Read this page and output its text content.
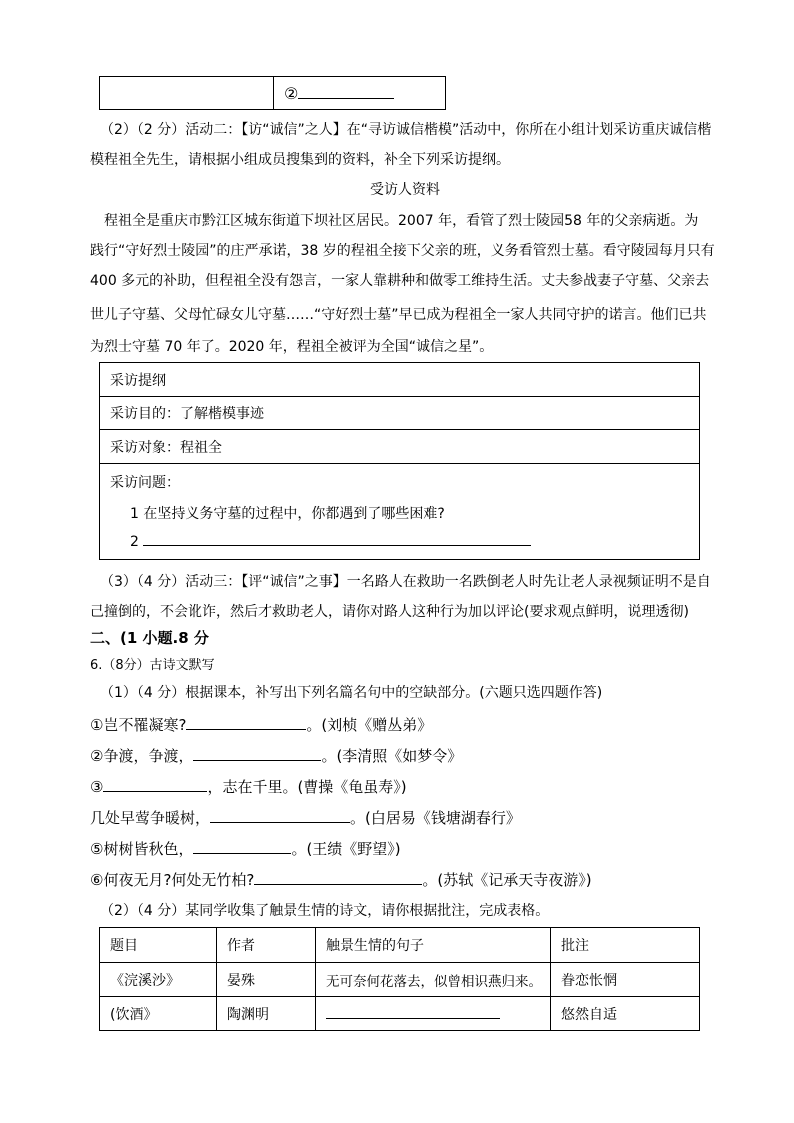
	②
（2）（2 分）活动二：【访“诚信”之人】在“寻访诚信楷模”活动中，你所在小组计划采访重庆诚信楷
模程祖全先生，请根据小组成员搜集到的资料，补全下列采访提纲。
受访人资料
程祖全是重庆市黔江区城东街道下坝社区居民。2007 年，看管了烈士陵园58 年的父亲病逝。为
践行“守好烈士陵园”的庄严承诺，38 岁的程祖全接下父亲的班，义务看管烈士墓。看守陵园每月只有
400 多元的补助，但程祖全没有怨言，一家人靠耕种和做零工维持生活。丈夫参战妻子守墓、父亲去
世儿子守墓、父母忙碌女儿守墓……“守好烈士墓”早已成为程祖全一家人共同守护的诺言。他们已共
为烈士守墓 70 年了。2020 年，程祖全被评为全国“诚信之星”。
采访提纲
采访目的：了解楷模事迹
采访对象：程祖全

采访问题：
1 在坚持义务守墓的过程中，你都遇到了哪些困难?
2
（3）（4 分）活动三：【评“诚信”之事】一名路人在救助一名跌倒老人时先让老人录视频证明不是自
己撞倒的，不会讹诈，然后才救助老人，请你对路人这种行为加以评论(要求观点鲜明，说理透彻)
二、(1 小题.8 分
6.（8分）古诗文默写
（1）（4 分）根据课本，补写出下列名篇名句中的空缺部分。(六题只选四题作答)
①岂不罹凝寒?	。(刘桢《赠丛弟》
②争渡，争渡，	。(李清照《如梦令》
③	，志在千里。(曹操《龟虽寿》)
几处早莺争暖树，	。(白居易《钱塘湖春行》
⑤树树皆秋色，	。(王绩《野望》)
⑥何夜无月?何处无竹柏?	。(苏轼《记承天寺夜游》)
（2）（4 分）某同学收集了触景生情的诗文，请你根据批注，完成表格。
题目	作者	触景生情的句子	批注
《浣溪沙》	晏殊	无可奈何花落去，似曾相识燕归来。	眷恋怅惘
(饮酒》	陶渊明		悠然自适
